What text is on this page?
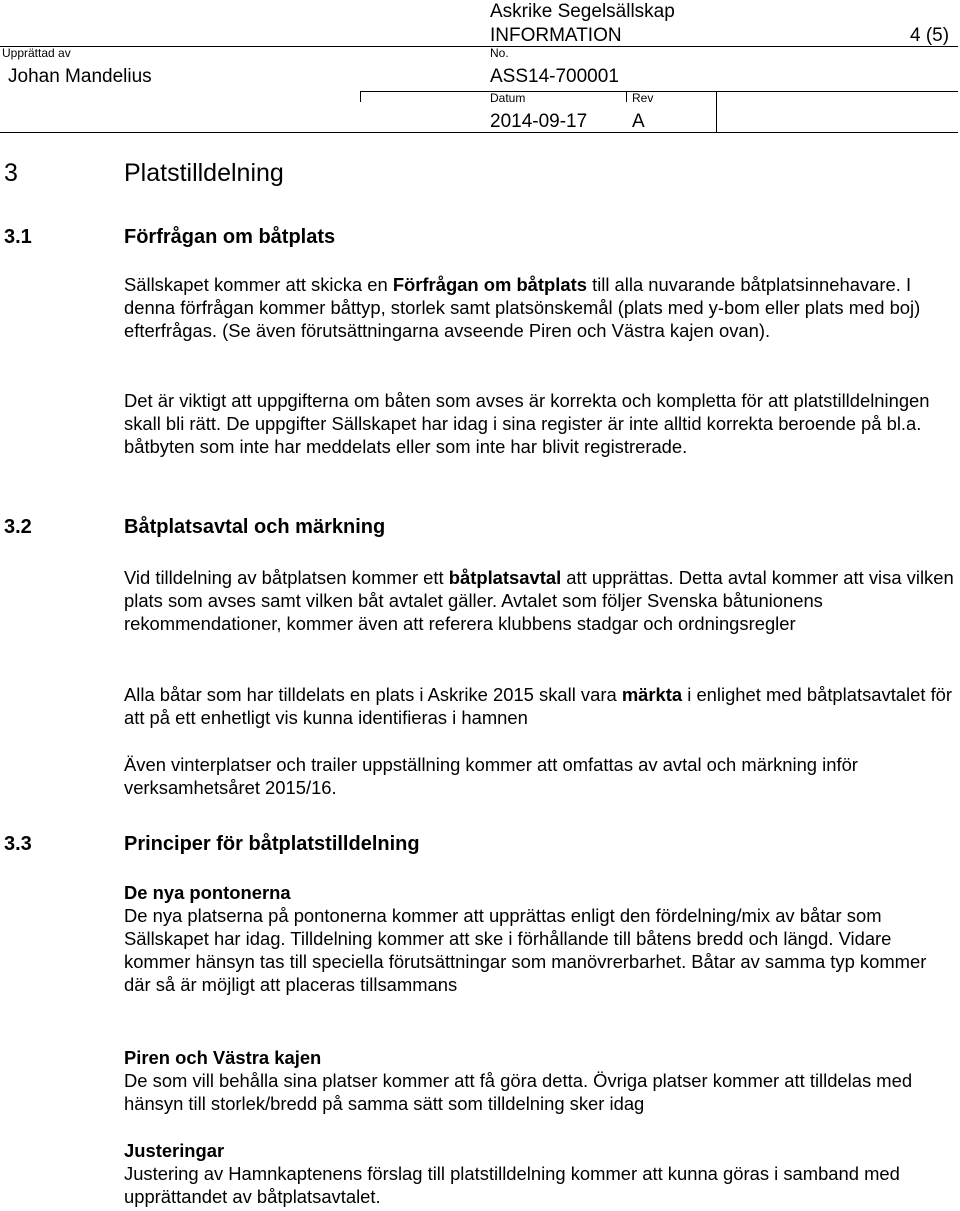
Askrike Segelsällskap
INFORMATION	4 (5)
Upprättad av	No.
Johan Mandelius	ASS14-700001
Datum	Rev
2014-09-17 A
3	Platstilldelning
3.1	Förfrågan om båtplats

Sällskapet kommer att skicka en Förfrågan om båtplats till alla nuvarande båtplatsinnehavare. I denna förfrågan kommer båttyp, storlek samt platsönskemål (plats med y-bom eller plats med boj) efterfrågas. (Se även förutsättningarna avseende Piren och Västra kajen ovan).

Det är viktigt att uppgifterna om båten som avses är korrekta och kompletta för att platstilldelningen skall bli rätt. De uppgifter Sällskapet har idag i sina register är inte alltid korrekta beroende på bl.a. båtbyten som inte har meddelats eller som inte har blivit registrerade.

3.2	Båtplatsavtal och märkning

Vid tilldelning av båtplatsen kommer ett båtplatsavtal att upprättas. Detta avtal kommer att visa vilken plats som avses samt vilken båt avtalet gäller. Avtalet som följer Svenska båtunionens rekommendationer, kommer även att referera klubbens stadgar och ordningsregler

Alla båtar som har tilldelats en plats i Askrike 2015 skall vara märkta i enlighet med båtplatsavtalet för att på ett enhetligt vis kunna identifieras i hamnen

Även vinterplatser och trailer uppställning kommer att omfattas av avtal och märkning inför verksamhetsåret 2015/16.

3.3	Principer för båtplatstilldelning

De nya pontonerna

De nya platserna på pontonerna kommer att upprättas enligt den fördelning/mix av båtar som Sällskapet har idag. Tilldelning kommer att ske i förhållande till båtens bredd och längd. Vidare kommer hänsyn tas till speciella förutsättningar som manövrerbarhet. Båtar av samma typ kommer där så är möjligt att placeras tillsammans

Piren och Västra kajen

De som vill behålla sina platser kommer att få göra detta. Övriga platser kommer att tilldelas med hänsyn till storlek/bredd på samma sätt som tilldelning sker idag

Justeringar

Justering av Hamnkaptenens förslag till platstilldelning kommer att kunna göras i samband med upprättandet av båtplatsavtalet.
